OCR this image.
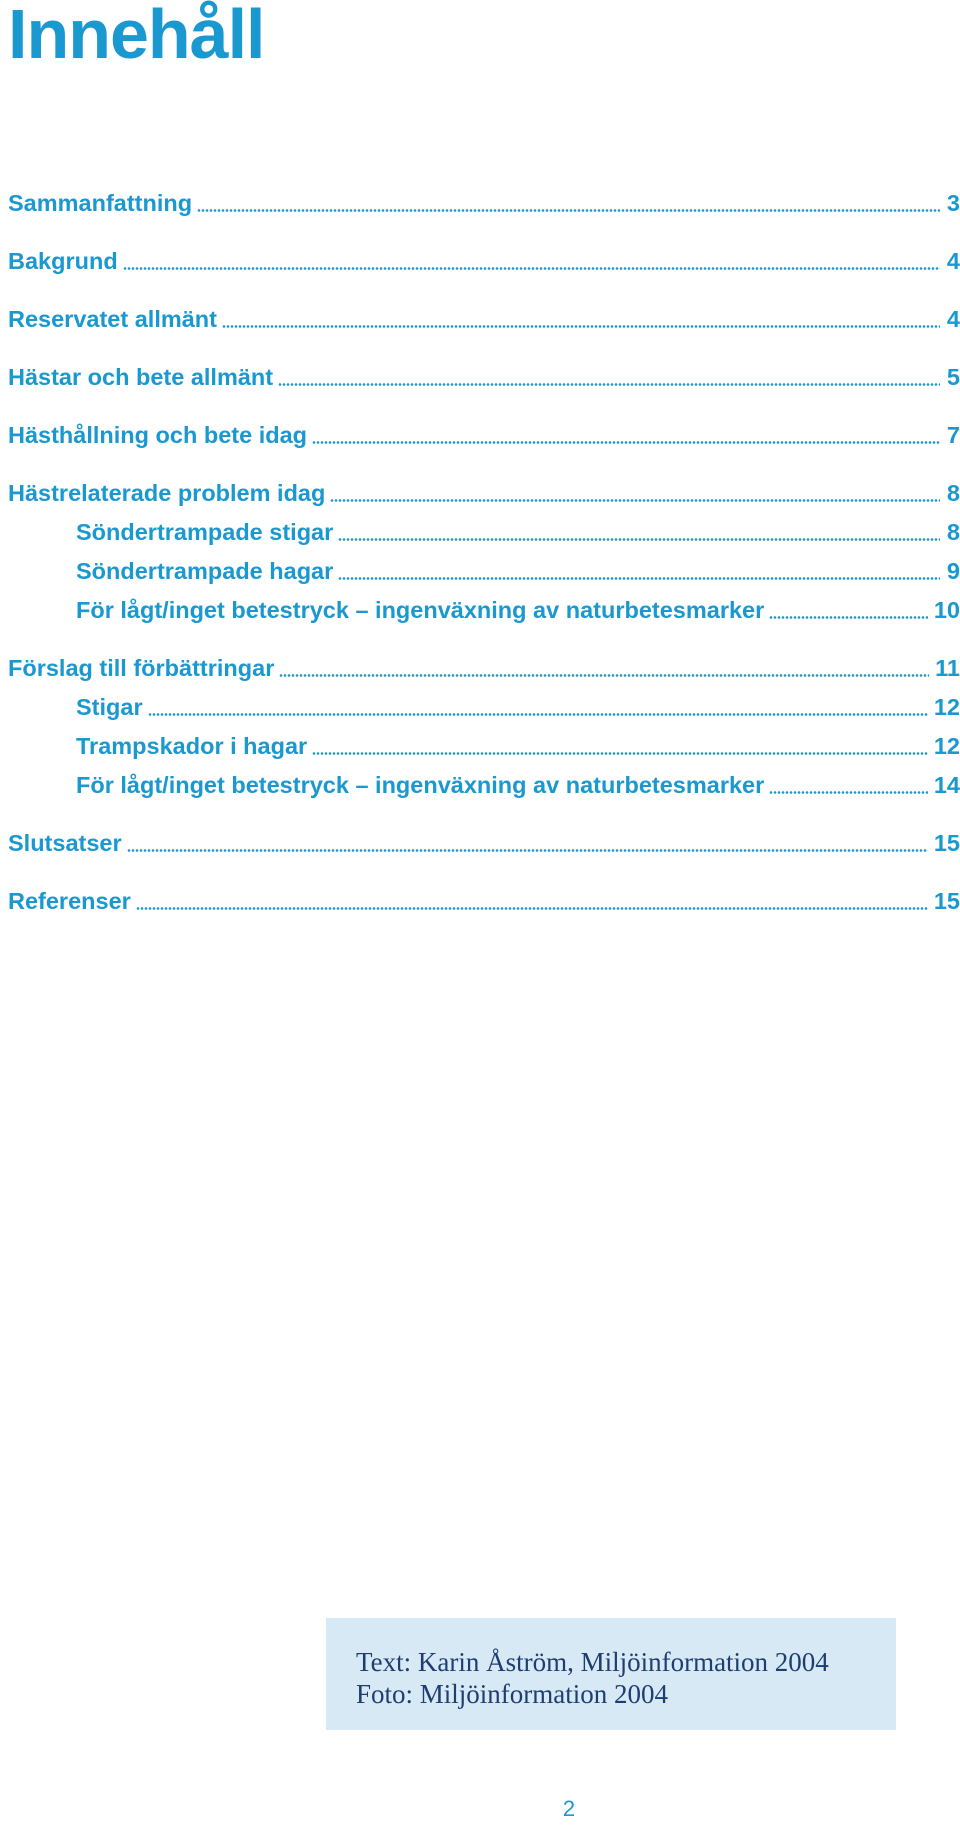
Innehåll
Sammanfattning	3
Bakgrund	4
Reservatet allmänt	4
Hästar och bete allmänt	5
Hästhållning och bete idag	7
Hästrelaterade problem idag	8
Söndertrampade stigar	8
Söndertrampade hagar	9
För lågt/inget betestryck – ingenväxning av naturbetesmarker	10
Förslag till förbättringar	11
Stigar	12
Trampskador i hagar	12
För lågt/inget betestryck – ingenväxning av naturbetesmarker	14
Slutsatser	15
Referenser	15
Text: Karin Åström, Miljöinformation 2004
Foto: Miljöinformation 2004
2
